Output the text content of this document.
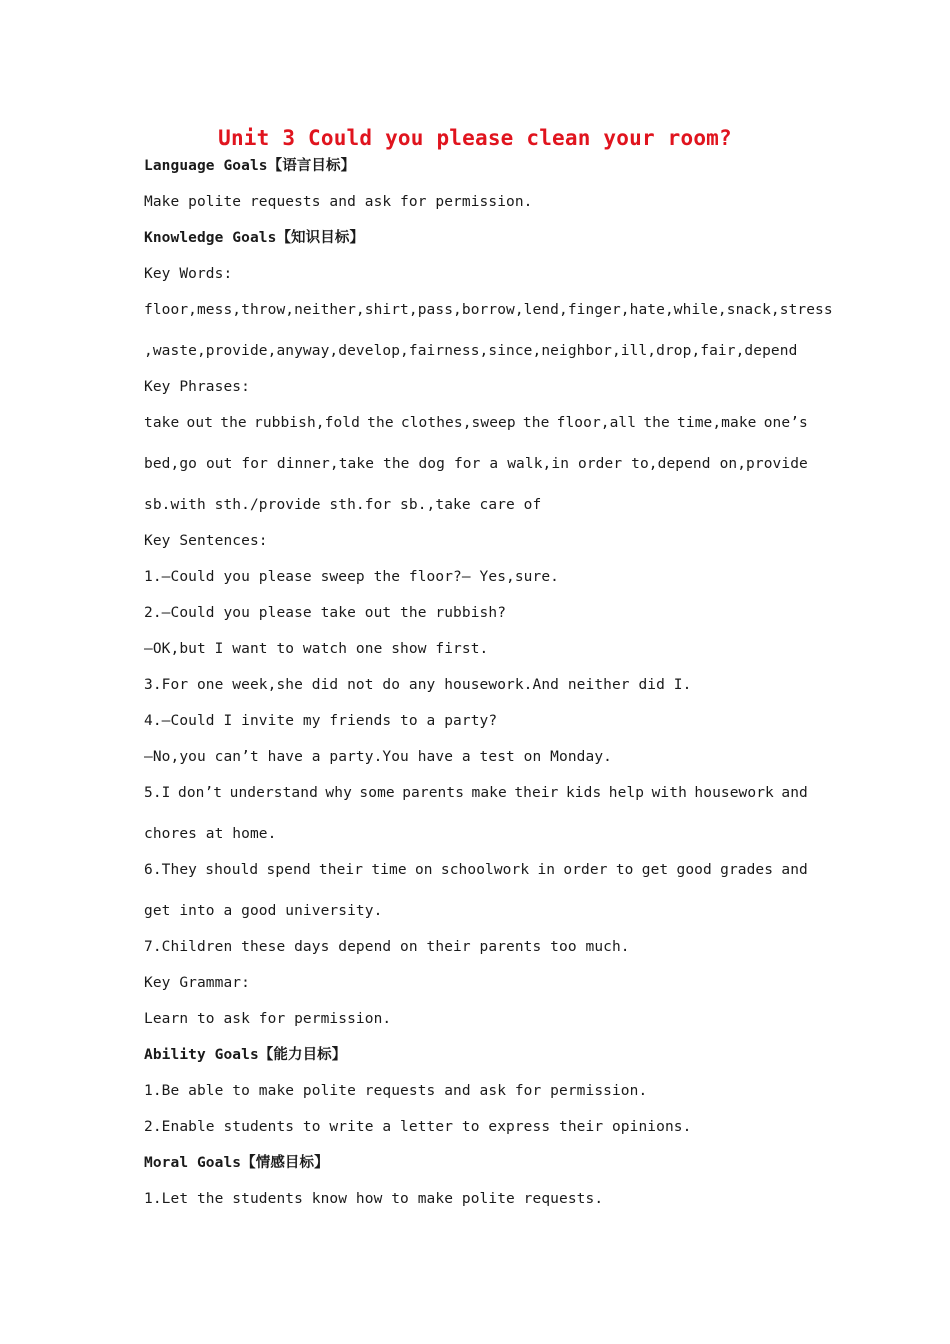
Unit 3 Could you please clean your room?
Language Goals【语言目标】
Make polite requests and ask for permission.
Knowledge Goals【知识目标】
Key Words:
floor,mess,throw,neither,shirt,pass,borrow,lend,finger,hate,while,snack,stress
,waste,provide,anyway,develop,fairness,since,neighbor,ill,drop,fair,depend
Key Phrases:
take out the rubbish,fold the clothes,sweep the floor,all the time,make one’s
bed,go out for dinner,take the dog for a walk,in order to,depend on,provide
sb.with sth./provide sth.for sb.,take care of
Key Sentences:
1.—Could you please sweep the floor?— Yes,sure.
2.—Could you please take out the rubbish?
—OK,but I want to watch one show first.
3.For one week,she did not do any housework.And neither did I.
4.—Could I invite my friends to a party?
—No,you can’t have a party.You have a test on Monday.
5.I don’t understand why some parents make their kids help with housework and
chores at home.
6.They should spend their time on schoolwork in order to get good grades and
get into a good university.
7.Children these days depend on their parents too much.
Key Grammar:
Learn to ask for permission.
Ability Goals【能力目标】
1.Be able to make polite requests and ask for permission.
2.Enable students to write a letter to express their opinions.
Moral Goals【情感目标】
1.Let the students know how to make polite requests.
